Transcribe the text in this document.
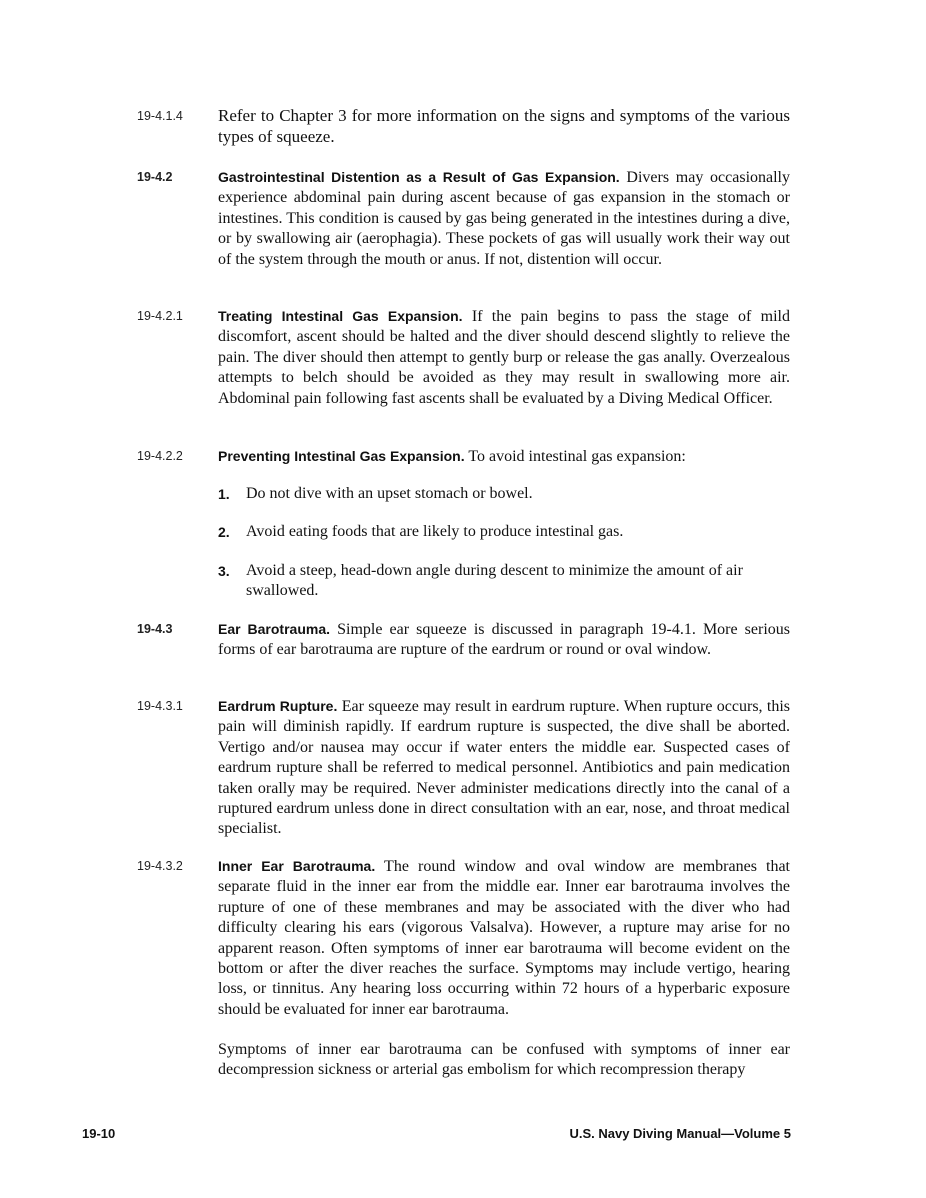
19-4.1.4 Refer to Chapter 3 for more information on the signs and symptoms of the various types of squeeze.
19-4.2	Gastrointestinal Distention as a Result of Gas Expansion. Divers may occasionally experience abdominal pain during ascent because of gas expansion in the stomach or intestines. This condition is caused by gas being generated in the intestines during a dive, or by swallowing air (aerophagia). These pockets of gas will usually work their way out of the system through the mouth or anus. If not, distention will occur.
19-4.2.1	Treating Intestinal Gas Expansion. If the pain begins to pass the stage of mild discomfort, ascent should be halted and the diver should descend slightly to relieve the pain. The diver should then attempt to gently burp or release the gas anally. Overzealous attempts to belch should be avoided as they may result in swallowing more air. Abdominal pain following fast ascents shall be evaluated by a Diving Medical Officer.
19-4.2.2	Preventing Intestinal Gas Expansion. To avoid intestinal gas expansion:
1. Do not dive with an upset stomach or bowel.
2. Avoid eating foods that are likely to produce intestinal gas.
3. Avoid a steep, head-down angle during descent to minimize the amount of air swallowed.
19-4.3	Ear Barotrauma. Simple ear squeeze is discussed in paragraph 19-4.1. More serious forms of ear barotrauma are rupture of the eardrum or round or oval window.
19-4.3.1	Eardrum Rupture. Ear squeeze may result in eardrum rupture. When rupture occurs, this pain will diminish rapidly. If eardrum rupture is suspected, the dive shall be aborted. Vertigo and/or nausea may occur if water enters the middle ear. Suspected cases of eardrum rupture shall be referred to medical personnel. Antibiotics and pain medication taken orally may be required. Never administer medications directly into the canal of a ruptured eardrum unless done in direct consultation with an ear, nose, and throat medical specialist.
19-4.3.2	Inner Ear Barotrauma. The round window and oval window are membranes that separate fluid in the inner ear from the middle ear. Inner ear barotrauma involves the rupture of one of these membranes and may be associated with the diver who had difficulty clearing his ears (vigorous Valsalva). However, a rupture may arise for no apparent reason. Often symptoms of inner ear barotrauma will become evident on the bottom or after the diver reaches the surface. Symptoms may include vertigo, hearing loss, or tinnitus. Any hearing loss occurring within 72 hours of a hyperbaric exposure should be evaluated for inner ear barotrauma.
Symptoms of inner ear barotrauma can be confused with symptoms of inner ear decompression sickness or arterial gas embolism for which recompression therapy
19-10	U.S. Navy Diving Manual—Volume 5
